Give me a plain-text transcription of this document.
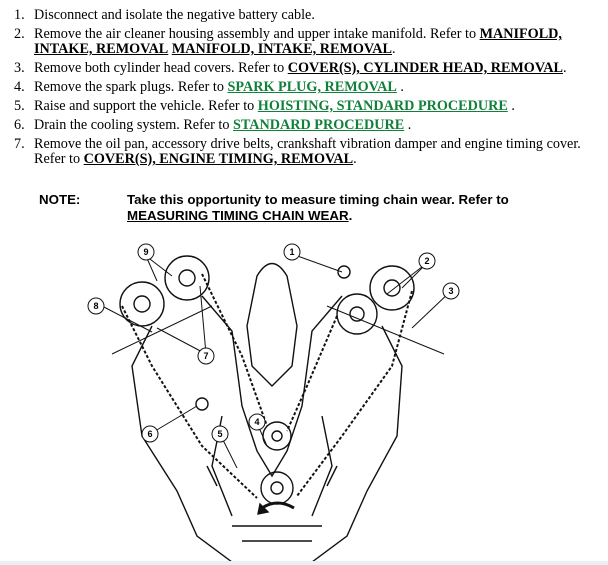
1. Disconnect and isolate the negative battery cable.
2. Remove the air cleaner housing assembly and upper intake manifold. Refer to MANIFOLD, INTAKE, REMOVAL MANIFOLD, INTAKE, REMOVAL.
3. Remove both cylinder head covers. Refer to COVER(S), CYLINDER HEAD, REMOVAL.
4. Remove the spark plugs. Refer to SPARK PLUG, REMOVAL .
5. Raise and support the vehicle. Refer to HOISTING, STANDARD PROCEDURE .
6. Drain the cooling system. Refer to STANDARD PROCEDURE .
7. Remove the oil pan, accessory drive belts, crankshaft vibration damper and engine timing cover. Refer to COVER(S), ENGINE TIMING, REMOVAL.
NOTE:	Take this opportunity to measure timing chain wear. Refer to MEASURING TIMING CHAIN WEAR.
9
8
1
2
3
7
6
4
5
